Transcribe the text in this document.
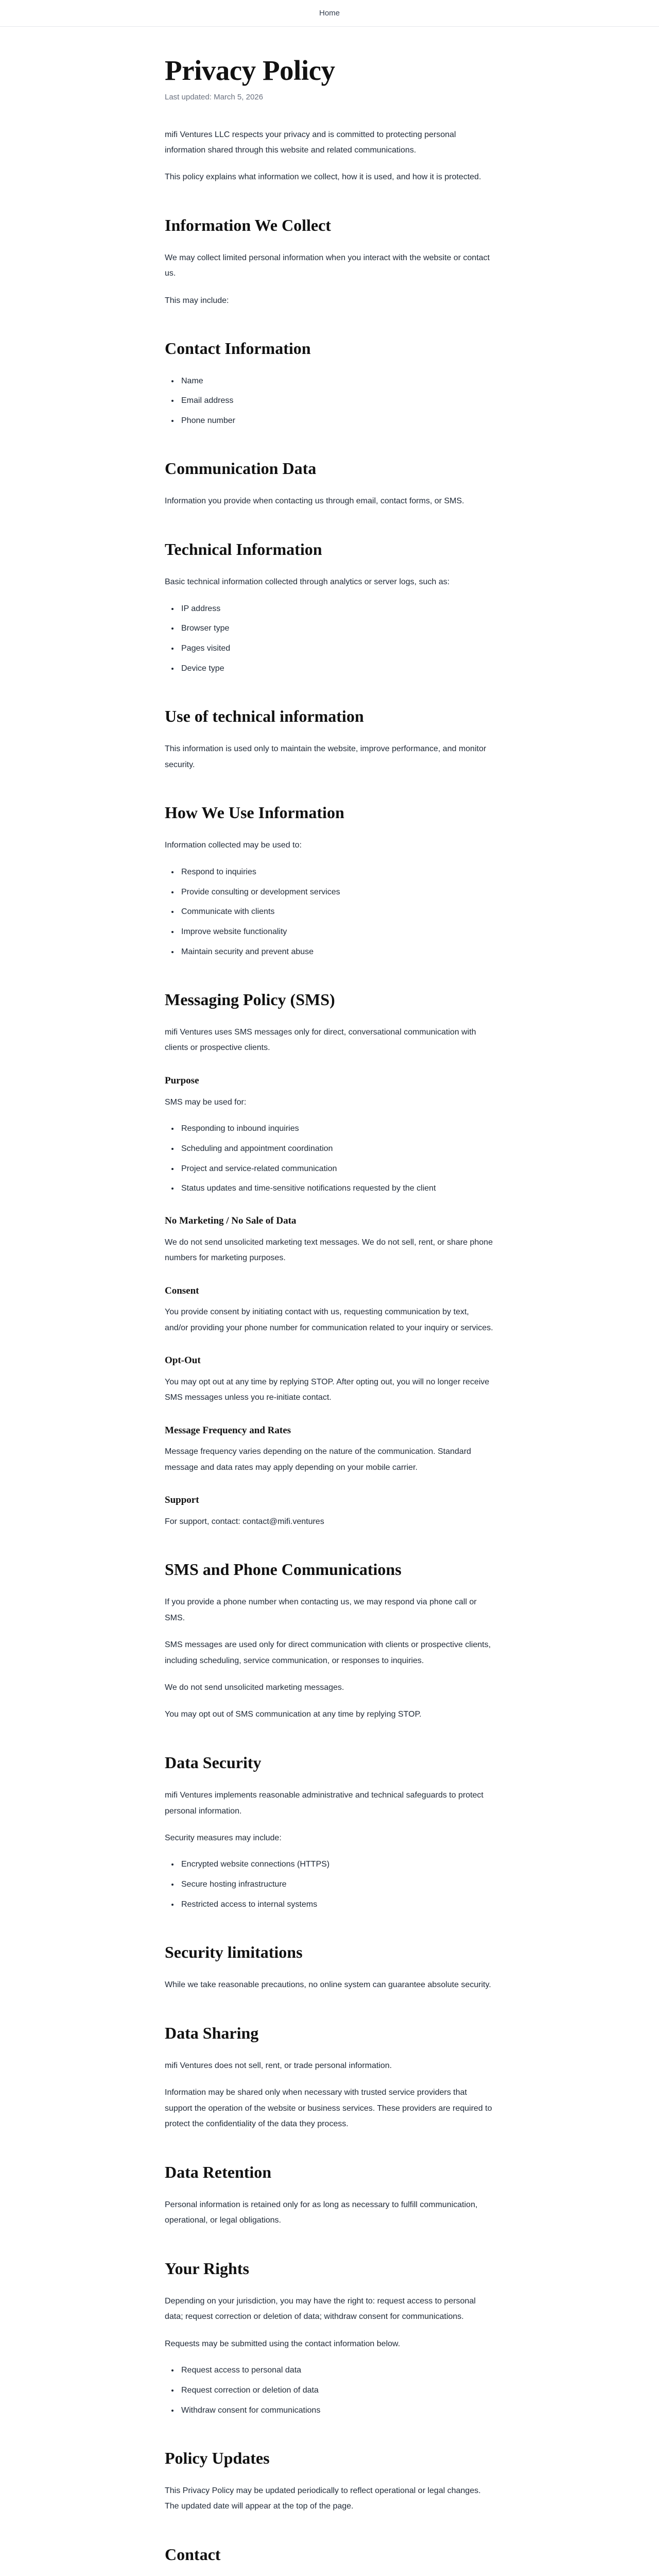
Home
Privacy Policy
Last updated: March 5, 2026

mifi Ventures LLC respects your privacy and is committed to protecting personal information shared through this website and related communications.

This policy explains what information we collect, how it is used, and how it is protected.

Information We Collect

We may collect limited personal information when you interact with the website or contact us.

This may include:

Contact Information
• Name
• Email address
• Phone number
Communication Data

Information you provide when contacting us through email, contact forms, or SMS.

Technical Information

Basic technical information collected through analytics or server logs, such as:

• IP address
• Browser type
• Pages visited
• Device type
Use of technical information

This information is used only to maintain the website, improve performance, and monitor security.

How We Use Information

Information collected may be used to:

• Respond to inquiries
• Provide consulting or development services
• Communicate with clients
• Improve website functionality
• Maintain security and prevent abuse
Messaging Policy (SMS)

mifi Ventures uses SMS messages only for direct, conversational communication with clients or prospective clients.

Purpose

SMS may be used for:

• Responding to inbound inquiries
• Scheduling and appointment coordination
• Project and service-related communication
• Status updates and time-sensitive notifications requested by the client
No Marketing / No Sale of Data

We do not send unsolicited marketing text messages. We do not sell, rent, or share phone numbers for marketing purposes.

Consent

You provide consent by initiating contact with us, requesting communication by text, and/or providing your phone number for communication related to your inquiry or services.

Opt-Out

You may opt out at any time by replying STOP. After opting out, you will no longer receive SMS messages unless you re-initiate contact.

Message Frequency and Rates

Message frequency varies depending on the nature of the communication. Standard message and data rates may apply depending on your mobile carrier.

Support

For support, contact: contact@mifi.ventures

SMS and Phone Communications

If you provide a phone number when contacting us, we may respond via phone call or SMS.

SMS messages are used only for direct communication with clients or prospective clients, including scheduling, service communication, or responses to inquiries.

We do not send unsolicited marketing messages.

You may opt out of SMS communication at any time by replying STOP.

Data Security

mifi Ventures implements reasonable administrative and technical safeguards to protect personal information.

Security measures may include:

• Encrypted website connections (HTTPS)
• Secure hosting infrastructure
• Restricted access to internal systems
Security limitations

While we take reasonable precautions, no online system can guarantee absolute security.

Data Sharing

mifi Ventures does not sell, rent, or trade personal information.

Information may be shared only when necessary with trusted service providers that support the operation of the website or business services. These providers are required to protect the confidentiality of the data they process.

Data Retention

Personal information is retained only for as long as necessary to fulfill communication, operational, or legal obligations.

Your Rights

Depending on your jurisdiction, you may have the right to: request access to personal data; request correction or deletion of data; withdraw consent for communications.

Requests may be submitted using the contact information below.

• Request access to personal data
• Request correction or deletion of data
• Withdraw consent for communications
Policy Updates

This Privacy Policy may be updated periodically to reflect operational or legal changes. The updated date will appear at the top of the page.

Contact
